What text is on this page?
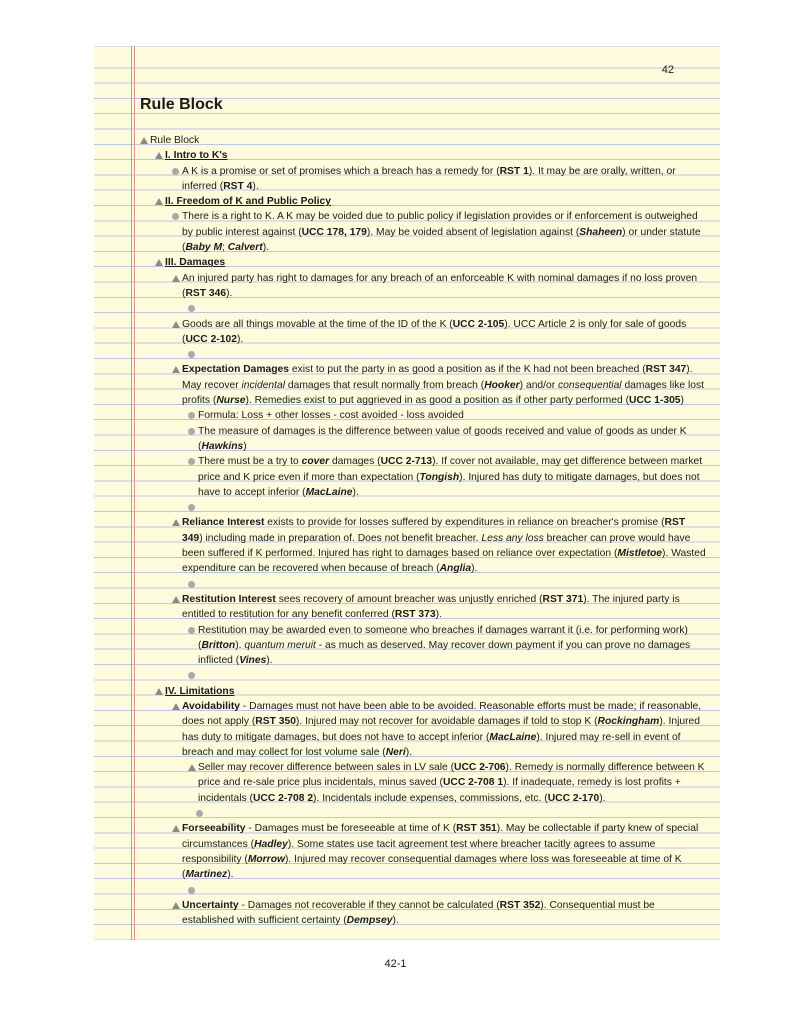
42
Rule Block
Rule Block
I. Intro to K's
A K is a promise or set of promises which a breach has a remedy for (RST 1). It may be are orally, written, or inferred (RST 4).
II. Freedom of K and Public Policy
There is a right to K. A K may be voided due to public policy if legislation provides or if enforcement is outweighed by public interest against (UCC 178, 179). May be voided absent of legislation against (Shaheen) or under statute (Baby M; Calvert).
III. Damages
An injured party has right to damages for any breach of an enforceable K with nominal damages if no loss proven (RST 346).

Goods are all things movable at the time of the ID of the K (UCC 2-105). UCC Article 2 is only for sale of goods (UCC 2-102).

Expectation Damages exist to put the party in as good a position as if the K had not been breached (RST 347). May recover incidental damages that result normally from breach (Hooker) and/or consequential damages like lost profits (Nurse). Remedies exist to put aggrieved in as good a position as if other party performed (UCC 1-305)
Formula: Loss + other losses - cost avoided - loss avoided
The measure of damages is the difference between value of goods received and value of goods as under K (Hawkins)
There must be a try to cover damages (UCC 2-713). If cover not available, may get difference between market price and K price even if more than expectation (Tongish). Injured has duty to mitigate damages, but does not have to accept inferior (MacLaine).

Reliance Interest exists to provide for losses suffered by expenditures in reliance on breacher's promise (RST 349) including made in preparation of. Does not benefit breacher. Less any loss breacher can prove would have been suffered if K performed. Injured has right to damages based on reliance over expectation (Mistletoe). Wasted expenditure can be recovered when because of breach (Anglia).

Restitution Interest sees recovery of amount breacher was unjustly enriched (RST 371). The injured party is entitled to restitution for any benefit conferred (RST 373).
Restitution may be awarded even to someone who breaches if damages warrant it (i.e. for performing work) (Britton). quantum meruit - as much as deserved. May recover down payment if you can prove no damages inflicted (Vines).

IV. Limitations
Avoidability - Damages must not have been able to be avoided. Reasonable efforts must be made; if reasonable, does not apply (RST 350). Injured may not recover for avoidable damages if told to stop K (Rockingham). Injured has duty to mitigate damages, but does not have to accept inferior (MacLaine). Injured may re-sell in event of breach and may collect for lost volume sale (Neri).
Seller may recover difference between sales in LV sale (UCC 2-706). Remedy is normally difference between K price and re-sale price plus incidentals, minus saved (UCC 2-708 1). If inadequate, remedy is lost profits + incidentals (UCC 2-708 2). Incidentals include expenses, commissions, etc. (UCC 2-170).

Forseeability - Damages must be foreseeable at time of K (RST 351). May be collectable if party knew of special circumstances (Hadley). Some states use tacit agreement test where breacher tacitly agrees to assume responsibility (Morrow). Injured may recover consequential damages where loss was foreseeable at time of K (Martinez).

Uncertainty - Damages not recoverable if they cannot be calculated (RST 352). Consequential must be established with sufficient certainty (Dempsey).
42-1
